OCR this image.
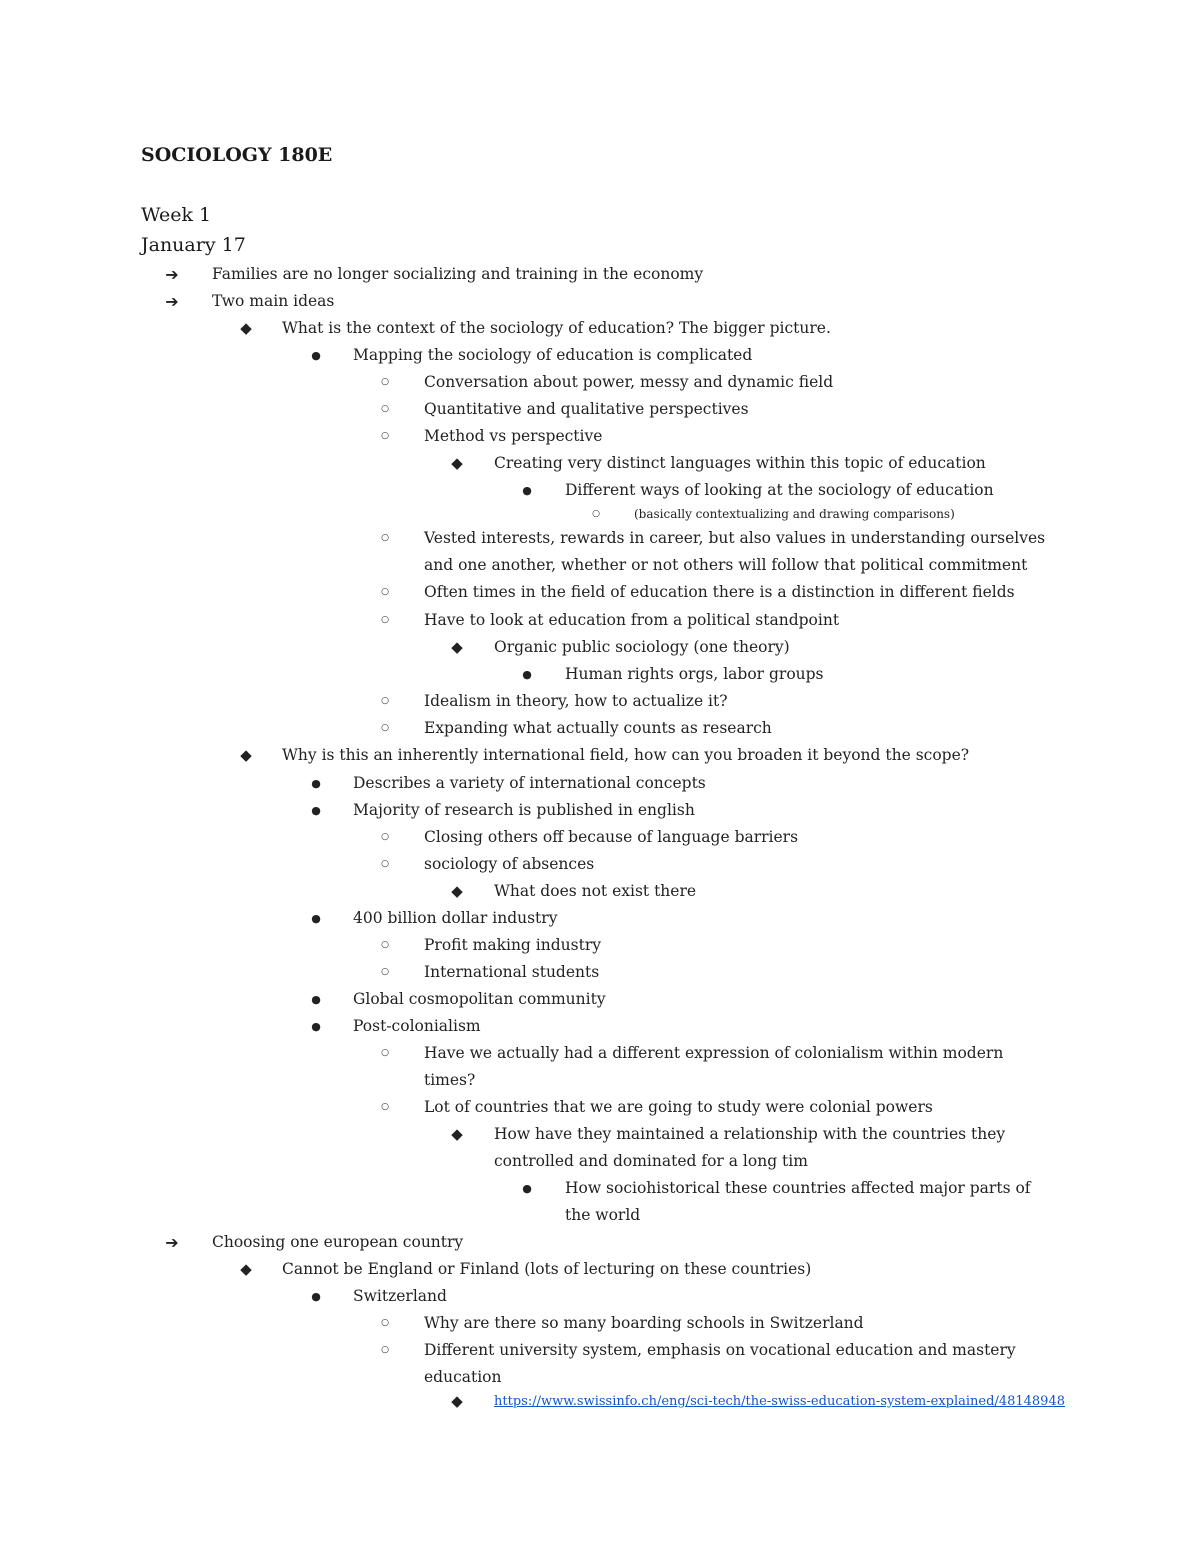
SOCIOLOGY 180E
Week 1
January 17
➔ Families are no longer socializing and training in the economy
➔ Two main ideas
◆ What is the context of the sociology of education? The bigger picture.
●	Mapping the sociology of education is complicated
○	Conversation about power, messy and dynamic field
○	Quantitative and qualitative perspectives
○	Method vs perspective
◆ Creating very distinct languages within this topic of education
●	Different ways of looking at the sociology of education
○	(basically contextualizing and drawing comparisons)
○	Vested interests, rewards in career, but also values in understanding ourselves
and one another, whether or not others will follow that political commitment
○	Often times in the field of education there is a distinction in different fields
○	Have to look at education from a political standpoint
◆ Organic public sociology (one theory)
●	Human rights orgs, labor groups
○	Idealism in theory, how to actualize it?
○	Expanding what actually counts as research
◆ Why is this an inherently international field, how can you broaden it beyond the scope?
●	Describes a variety of international concepts
●	Majority of research is published in english
○	Closing others off because of language barriers
○	sociology of absences
◆ What does not exist there
●	400 billion dollar industry
○	Profit making industry
○	International students
●	Global cosmopolitan community
●	Post-colonialism
○	Have we actually had a different expression of colonialism within modern
times?
○	Lot of countries that we are going to study were colonial powers
◆ How have they maintained a relationship with the countries they
controlled and dominated for a long tim
●	How sociohistorical these countries affected major parts of
the world
➔ Choosing one european country
◆ Cannot be England or Finland (lots of lecturing on these countries)
●	Switzerland
○	Why are there so many boarding schools in Switzerland
○	Different university system, emphasis on vocational education and mastery
education
◆	https://www.swissinfo.ch/eng/sci-tech/the-swiss-education-system-explained/48148948
